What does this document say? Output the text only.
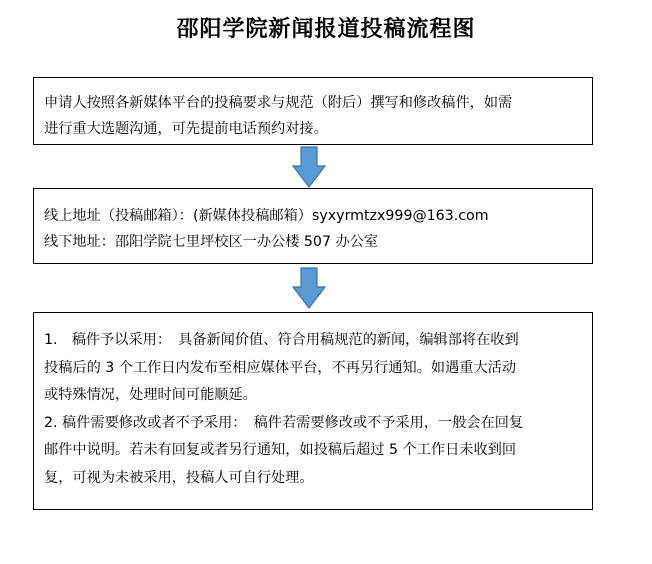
邵阳学院新闻报道投稿流程图
申请人按照各新媒体平台的投稿要求与规范（附后）撰写和修改稿件，如需
进行重大选题沟通，可先提前电话预约对接。
线上地址（投稿邮箱）：(新媒体投稿邮箱）syxyrmtzx999@163.com
线下地址：邵阳学院七里坪校区一办公楼 507 办公室
1.　稿件予以采用：　具备新闻价值、符合用稿规范的新闻，编辑部将在收到
投稿后的 3 个工作日内发布至相应媒体平台，不再另行通知。如遇重大活动
或特殊情况，处理时间可能顺延。
2. 稿件需要修改或者不予采用：　稿件若需要修改或不予采用，一般会在回复
邮件中说明。若未有回复或者另行通知，如投稿后超过 5 个工作日未收到回
复，可视为未被采用，投稿人可自行处理。
